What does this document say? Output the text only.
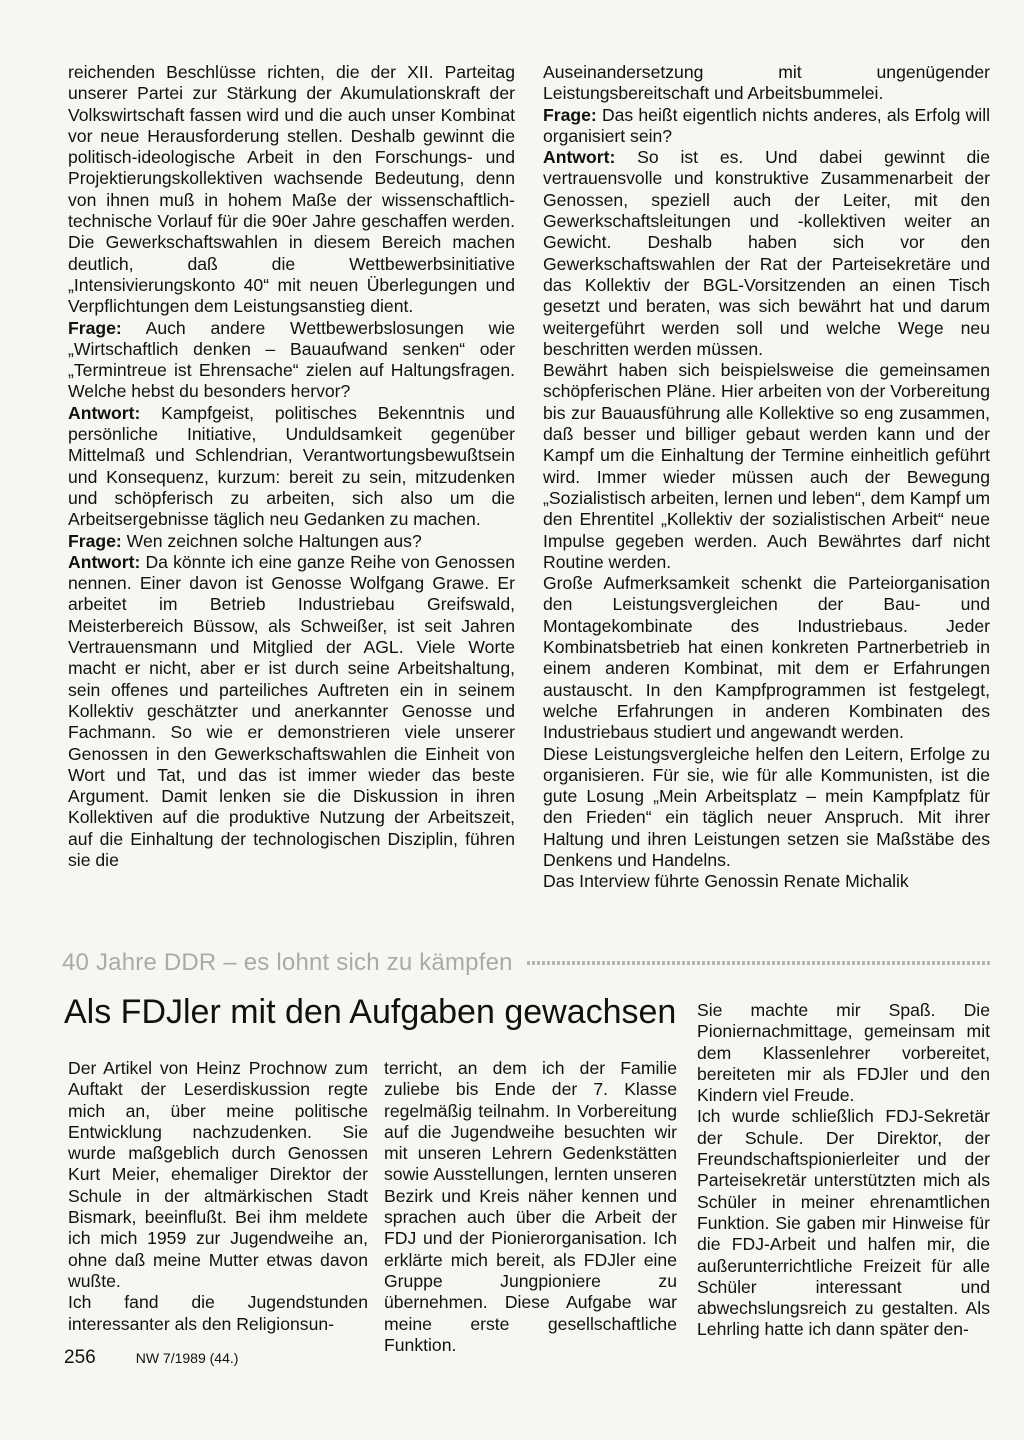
reichenden Beschlüsse richten, die der XII. Parteitag unserer Partei zur Stärkung der Akumulationskraft der Volkswirtschaft fassen wird und die auch unser Kombinat vor neue Herausforderung stellen. Deshalb gewinnt die politisch-ideologische Arbeit in den Forschungs- und Projektierungskollektiven wachsende Bedeutung, denn von ihnen muß in hohem Maße der wissenschaftlich-technische Vorlauf für die 90er Jahre geschaffen werden. Die Gewerkschaftswahlen in diesem Bereich machen deutlich, daß die Wettbewerbsinitiative „Intensivierungskonto 40“ mit neuen Überlegungen und Verpflichtungen dem Leistungsanstieg dient.

Frage: Auch andere Wettbewerbslosungen wie „Wirtschaftlich denken – Bauaufwand senken“ oder „Termintreue ist Ehrensache“ zielen auf Haltungsfragen. Welche hebst du besonders hervor?

Antwort: Kampfgeist, politisches Bekenntnis und persönliche Initiative, Unduldsamkeit gegenüber Mittelmaß und Schlendrian, Verantwortungsbewußtsein und Konsequenz, kurzum: bereit zu sein, mitzudenken und schöpferisch zu arbeiten, sich also um die Arbeitsergebnisse täglich neu Gedanken zu machen.

Frage: Wen zeichnen solche Haltungen aus?

Antwort: Da könnte ich eine ganze Reihe von Genossen nennen. Einer davon ist Genosse Wolfgang Grawe. Er arbeitet im Betrieb Industriebau Greifswald, Meisterbereich Büssow, als Schweißer, ist seit Jahren Vertrauensmann und Mitglied der AGL. Viele Worte macht er nicht, aber er ist durch seine Arbeitshaltung, sein offenes und parteiliches Auftreten ein in seinem Kollektiv geschätzter und anerkannter Genosse und Fachmann. So wie er demonstrieren viele unserer Genossen in den Gewerkschaftswahlen die Einheit von Wort und Tat, und das ist immer wieder das beste Argument. Damit lenken sie die Diskussion in ihren Kollektiven auf die produktive Nutzung der Arbeitszeit, auf die Einhaltung der technologischen Disziplin, führen sie die

Auseinandersetzung mit ungenügender Leistungsbereitschaft und Arbeitsbummelei.

Frage: Das heißt eigentlich nichts anderes, als Erfolg will organisiert sein?

Antwort: So ist es. Und dabei gewinnt die vertrauensvolle und konstruktive Zusammenarbeit der Genossen, speziell auch der Leiter, mit den Gewerkschaftsleitungen und -kollektiven weiter an Gewicht. Deshalb haben sich vor den Gewerkschaftswahlen der Rat der Parteisekretäre und das Kollektiv der BGL-Vorsitzenden an einen Tisch gesetzt und beraten, was sich bewährt hat und darum weitergeführt werden soll und welche Wege neu beschritten werden müssen.

Bewährt haben sich beispielsweise die gemeinsamen schöpferischen Pläne. Hier arbeiten von der Vorbereitung bis zur Bauausführung alle Kollektive so eng zusammen, daß besser und billiger gebaut werden kann und der Kampf um die Einhaltung der Termine einheitlich geführt wird. Immer wieder müssen auch der Bewegung „Sozialistisch arbeiten, lernen und leben“, dem Kampf um den Ehrentitel „Kollektiv der sozialistischen Arbeit“ neue Impulse gegeben werden. Auch Bewährtes darf nicht Routine werden.

Große Aufmerksamkeit schenkt die Parteiorganisation den Leistungsvergleichen der Bau- und Montagekombinate des Industriebaus. Jeder Kombinatsbetrieb hat einen konkreten Partnerbetrieb in einem anderen Kombinat, mit dem er Erfahrungen austauscht. In den Kampfprogrammen ist festgelegt, welche Erfahrungen in anderen Kombinaten des Industriebaus studiert und angewandt werden.

Diese Leistungsvergleiche helfen den Leitern, Erfolge zu organisieren. Für sie, wie für alle Kommunisten, ist die gute Losung „Mein Arbeitsplatz – mein Kampfplatz für den Frieden“ ein täglich neuer Anspruch. Mit ihrer Haltung und ihren Leistungen setzen sie Maßstäbe des Denkens und Handelns.

Das Interview führte Genossin Renate Michalik

40 Jahre DDR – es lohnt sich zu kämpfen
Als FDJler mit den Aufgaben gewachsen

Der Artikel von Heinz Prochnow zum Auftakt der Leserdiskussion regte mich an, über meine politische Entwicklung nachzudenken. Sie wurde maßgeblich durch Genossen Kurt Meier, ehemaliger Direktor der Schule in der altmärkischen Stadt Bismark, beeinflußt. Bei ihm meldete ich mich 1959 zur Jugendweihe an, ohne daß meine Mutter etwas davon wußte.

Ich fand die Jugendstunden interessanter als den Religionsun-

terricht, an dem ich der Familie zuliebe bis Ende der 7. Klasse regelmäßig teilnahm. In Vorbereitung auf die Jugendweihe besuchten wir mit unseren Lehrern Gedenkstätten sowie Ausstellungen, lernten unseren Bezirk und Kreis näher kennen und sprachen auch über die Arbeit der FDJ und der Pionierorganisation. Ich erklärte mich bereit, als FDJler eine Gruppe Jungpioniere zu übernehmen. Diese Aufgabe war meine erste gesellschaftliche Funktion.

Sie machte mir Spaß. Die Pioniernachmittage, gemeinsam mit dem Klassenlehrer vorbereitet, bereiteten mir als FDJler und den Kindern viel Freude.

Ich wurde schließlich FDJ-Sekretär der Schule. Der Direktor, der Freundschaftspionierleiter und der Parteisekretär unterstützten mich als Schüler in meiner ehrenamtlichen Funktion. Sie gaben mir Hinweise für die FDJ-Arbeit und halfen mir, die außerunterrichtliche Freizeit für alle Schüler interessant und abwechslungsreich zu gestalten. Als Lehrling hatte ich dann später den-

256	NW 7/1989 (44.)
